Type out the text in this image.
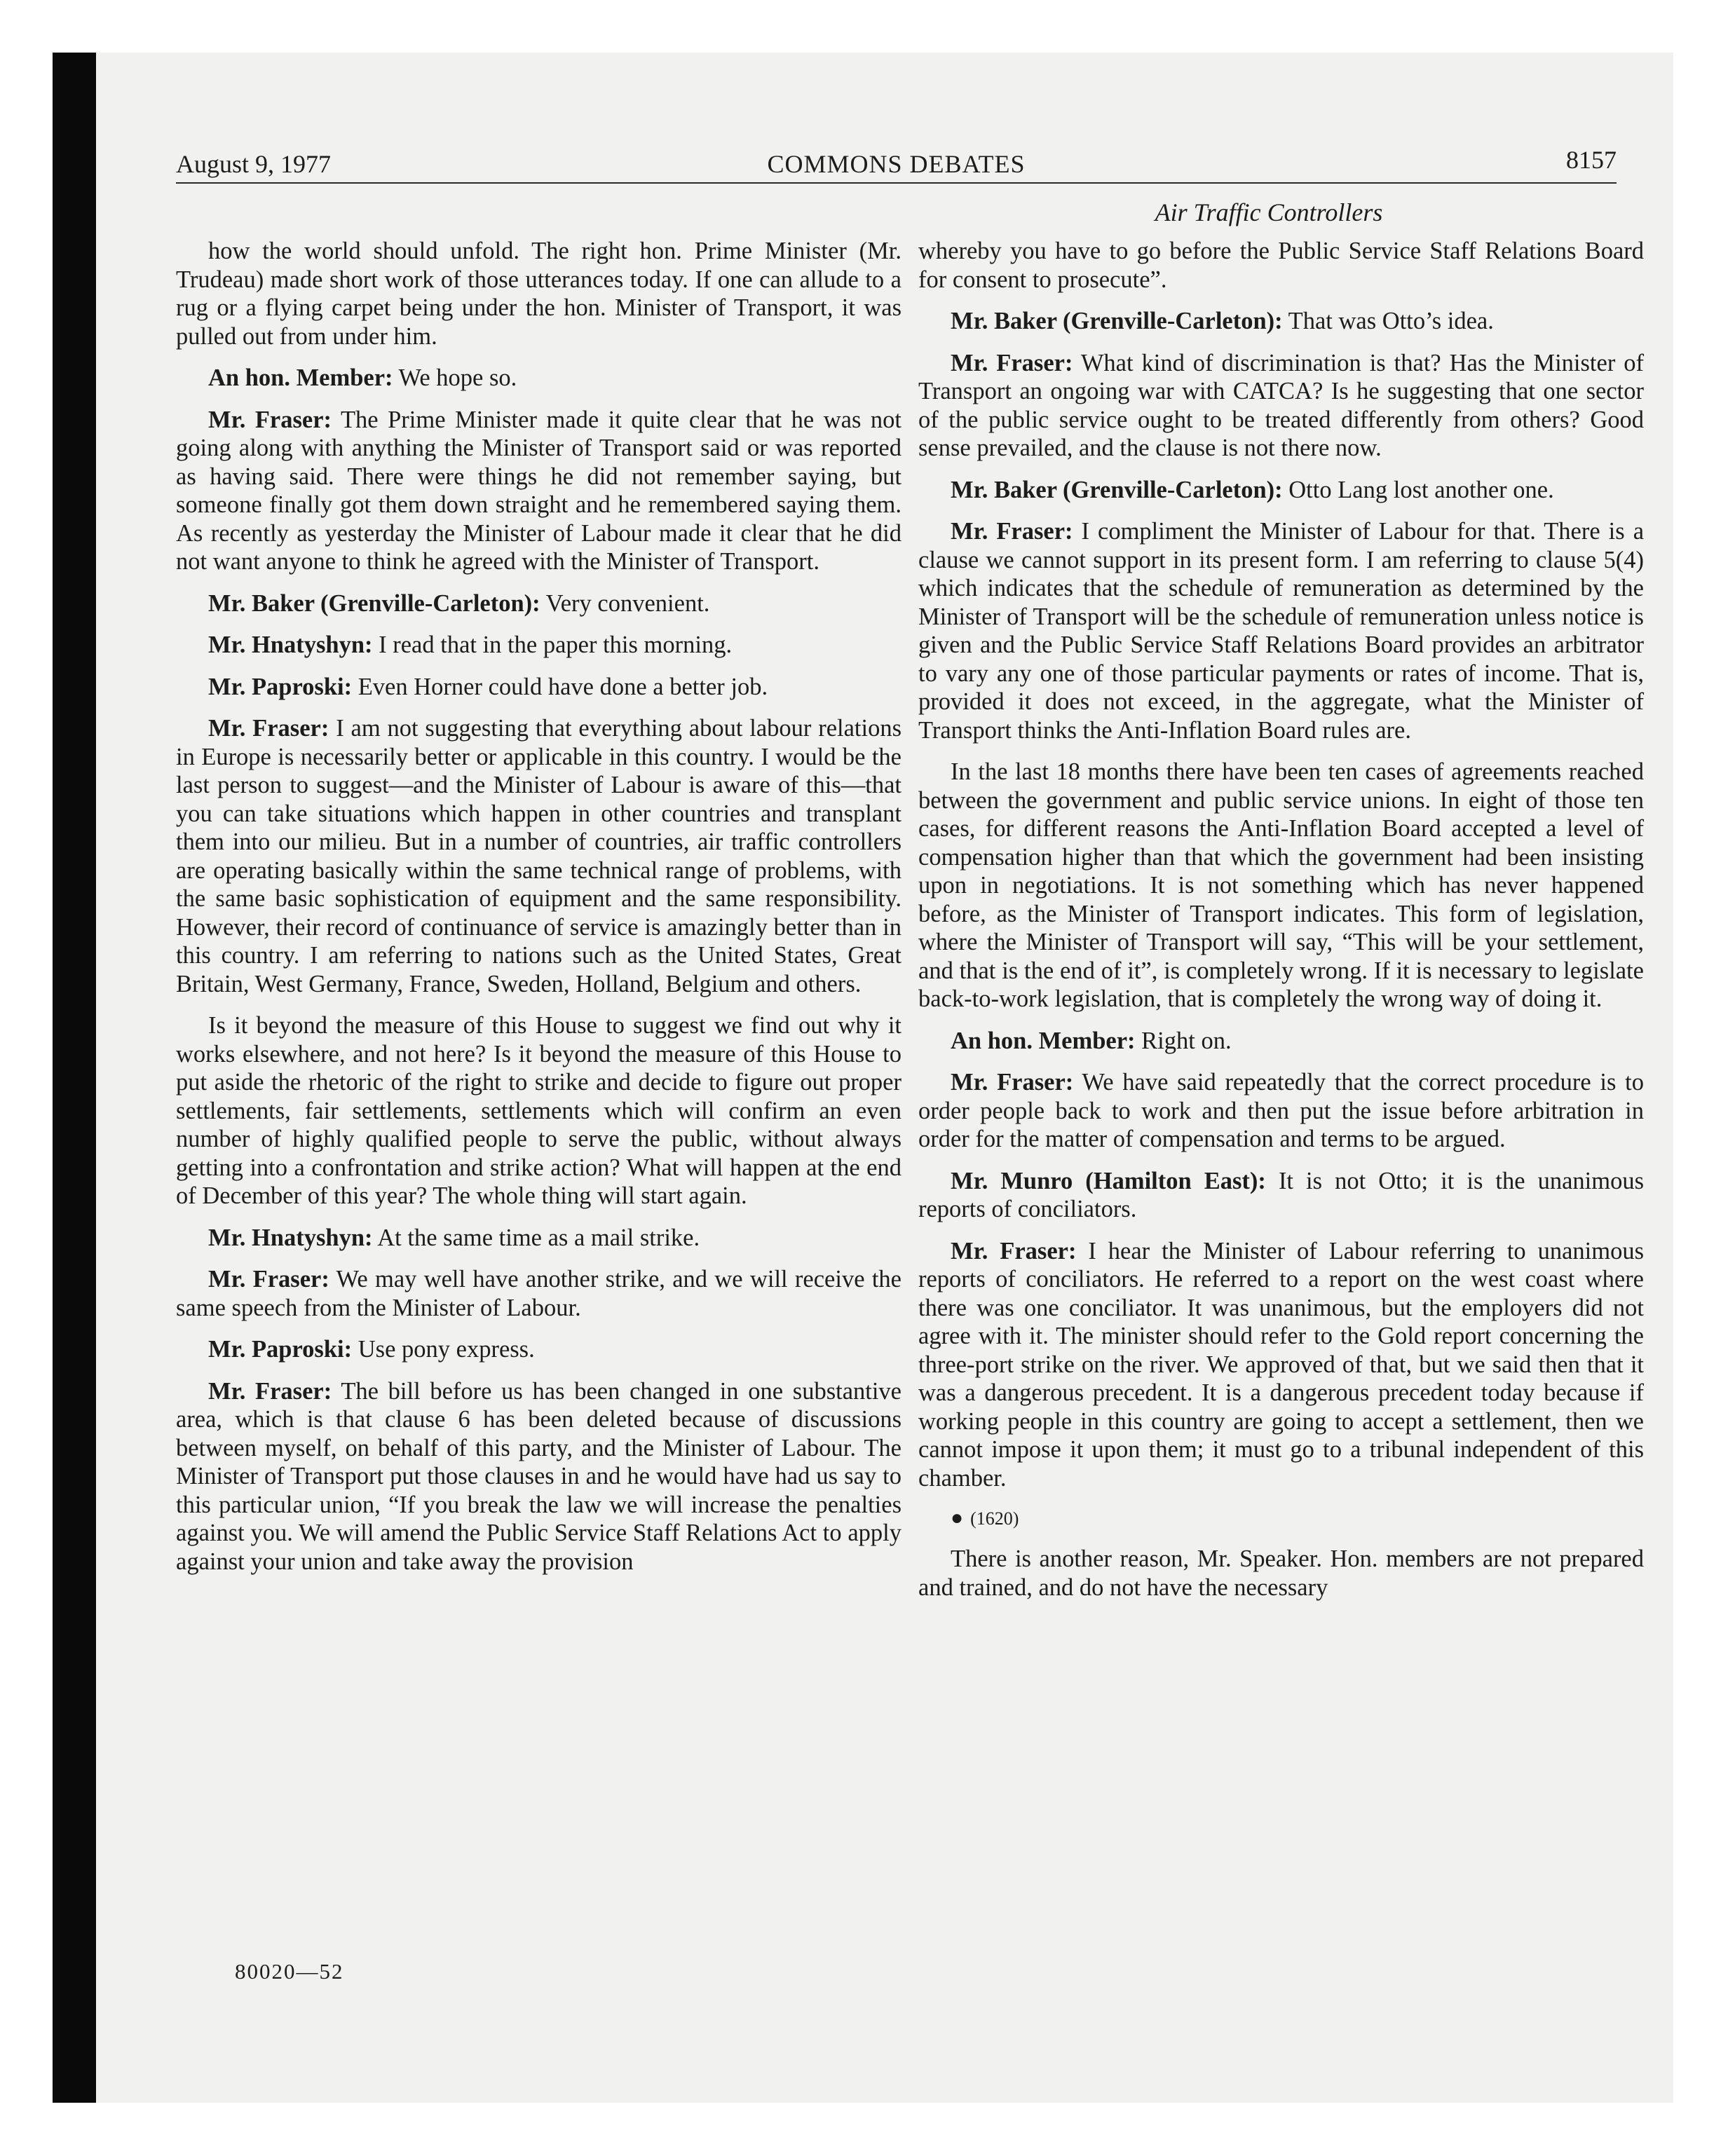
August 9, 1977	COMMONS DEBATES	8157
Air Traffic Controllers

how the world should unfold. The right hon. Prime Minister (Mr. Trudeau) made short work of those utterances today. If one can allude to a rug or a flying carpet being under the hon. Minister of Transport, it was pulled out from under him.

An hon. Member: We hope so.

Mr. Fraser: The Prime Minister made it quite clear that he was not going along with anything the Minister of Transport said or was reported as having said. There were things he did not remember saying, but someone finally got them down straight and he remembered saying them. As recently as yesterday the Minister of Labour made it clear that he did not want anyone to think he agreed with the Minister of Transport.

Mr. Baker (Grenville-Carleton): Very convenient.

Mr. Hnatyshyn: I read that in the paper this morning.

Mr. Paproski: Even Horner could have done a better job.

Mr. Fraser: I am not suggesting that everything about labour relations in Europe is necessarily better or applicable in this country. I would be the last person to suggest—and the Minister of Labour is aware of this—that you can take situations which happen in other countries and transplant them into our milieu. But in a number of countries, air traffic controllers are operating basically within the same technical range of problems, with the same basic sophistication of equipment and the same responsibility. However, their record of continuance of service is amazingly better than in this country. I am referring to nations such as the United States, Great Britain, West Germany, France, Sweden, Holland, Belgium and others.

Is it beyond the measure of this House to suggest we find out why it works elsewhere, and not here? Is it beyond the measure of this House to put aside the rhetoric of the right to strike and decide to figure out proper settlements, fair settlements, settlements which will confirm an even number of highly qualified people to serve the public, without always getting into a confrontation and strike action? What will happen at the end of December of this year? The whole thing will start again.

Mr. Hnatyshyn: At the same time as a mail strike.

Mr. Fraser: We may well have another strike, and we will receive the same speech from the Minister of Labour.

Mr. Paproski: Use pony express.

Mr. Fraser: The bill before us has been changed in one substantive area, which is that clause 6 has been deleted because of discussions between myself, on behalf of this party, and the Minister of Labour. The Minister of Transport put those clauses in and he would have had us say to this particular union, “If you break the law we will increase the penalties against you. We will amend the Public Service Staff Relations Act to apply against your union and take away the provision

whereby you have to go before the Public Service Staff Relations Board for consent to prosecute”.

Mr. Baker (Grenville-Carleton): That was Otto’s idea.

Mr. Fraser: What kind of discrimination is that? Has the Minister of Transport an ongoing war with CATCA? Is he suggesting that one sector of the public service ought to be treated differently from others? Good sense prevailed, and the clause is not there now.

Mr. Baker (Grenville-Carleton): Otto Lang lost another one.

Mr. Fraser: I compliment the Minister of Labour for that. There is a clause we cannot support in its present form. I am referring to clause 5(4) which indicates that the schedule of remuneration as determined by the Minister of Transport will be the schedule of remuneration unless notice is given and the Public Service Staff Relations Board provides an arbitrator to vary any one of those particular payments or rates of income. That is, provided it does not exceed, in the aggregate, what the Minister of Transport thinks the Anti-Inflation Board rules are.

In the last 18 months there have been ten cases of agreements reached between the government and public service unions. In eight of those ten cases, for different reasons the Anti-Inflation Board accepted a level of compensation higher than that which the government had been insisting upon in negotiations. It is not something which has never happened before, as the Minister of Transport indicates. This form of legislation, where the Minister of Transport will say, “This will be your settlement, and that is the end of it”, is completely wrong. If it is necessary to legislate back-to-work legislation, that is completely the wrong way of doing it.

An hon. Member: Right on.

Mr. Fraser: We have said repeatedly that the correct procedure is to order people back to work and then put the issue before arbitration in order for the matter of compensation and terms to be argued.

Mr. Munro (Hamilton East): It is not Otto; it is the unanimous reports of conciliators.

Mr. Fraser: I hear the Minister of Labour referring to unanimous reports of conciliators. He referred to a report on the west coast where there was one conciliator. It was unanimous, but the employers did not agree with it. The minister should refer to the Gold report concerning the three-port strike on the river. We approved of that, but we said then that it was a dangerous precedent. It is a dangerous precedent today because if working people in this country are going to accept a settlement, then we cannot impose it upon them; it must go to a tribunal independent of this chamber.

● (1620)

There is another reason, Mr. Speaker. Hon. members are not prepared and trained, and do not have the necessary

80020—52
